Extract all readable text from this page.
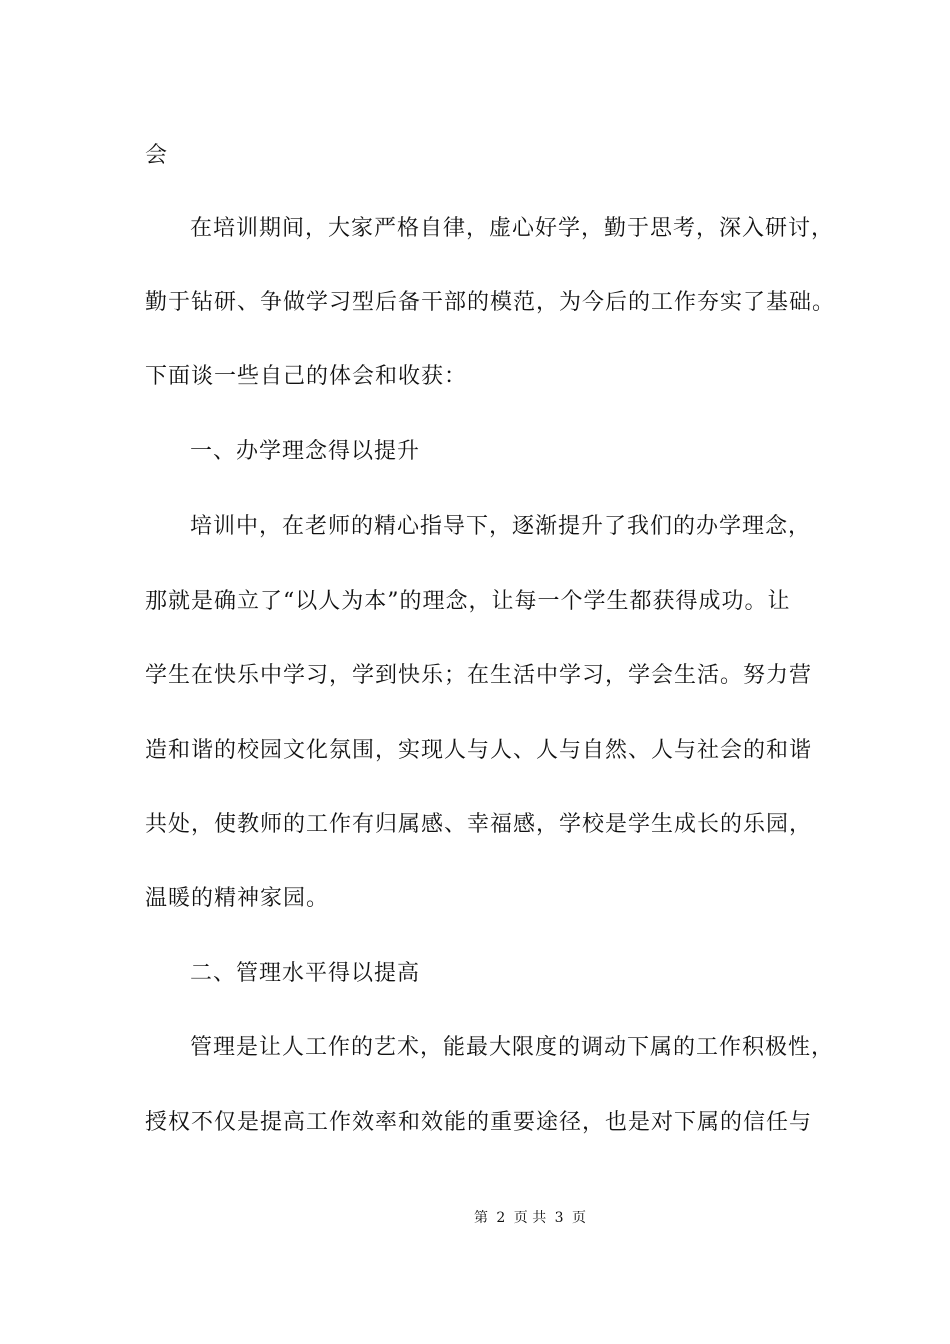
会
在培训期间，大家严格自律，虚心好学，勤于思考，深入研讨，
勤于钻研、争做学习型后备干部的模范，为今后的工作夯实了基础。
下面谈一些自己的体会和收获：
一、办学理念得以提升
培训中，在老师的精心指导下，逐渐提升了我们的办学理念，
那就是确立了“以人为本”的理念，让每一个学生都获得成功。让
学生在快乐中学习，学到快乐；在生活中学习，学会生活。努力营
造和谐的校园文化氛围，实现人与人、人与自然、人与社会的和谐
共处，使教师的工作有归属感、幸福感，学校是学生成长的乐园，
温暖的精神家园。
二、管理水平得以提高
管理是让人工作的艺术，能最大限度的调动下属的工作积极性，
授权不仅是提高工作效率和效能的重要途径，也是对下属的信任与
第 2 页 共 3 页
